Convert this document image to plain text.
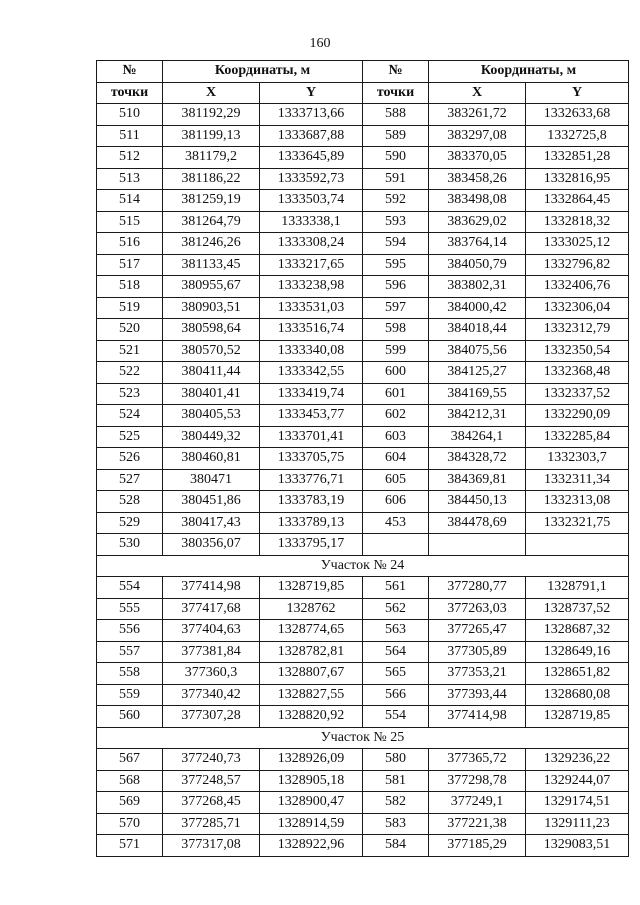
160
№	Координаты, м		№	Координаты, м	
точки	X	Y	точки	X	Y
510	381192,29	1333713,66	588	383261,72	1332633,68
511	381199,13	1333687,88	589	383297,08	1332725,8
512	381179,2	1333645,89	590	383370,05	1332851,28
513	381186,22	1333592,73	591	383458,26	1332816,95
514	381259,19	1333503,74	592	383498,08	1332864,45
515	381264,79	1333338,1	593	383629,02	1332818,32
516	381246,26	1333308,24	594	383764,14	1333025,12
517	381133,45	1333217,65	595	384050,79	1332796,82
518	380955,67	1333238,98	596	383802,31	1332406,76
519	380903,51	1333531,03	597	384000,42	1332306,04
520	380598,64	1333516,74	598	384018,44	1332312,79
521	380570,52	1333340,08	599	384075,56	1332350,54
522	380411,44	1333342,55	600	384125,27	1332368,48
523	380401,41	1333419,74	601	384169,55	1332337,52
524	380405,53	1333453,77	602	384212,31	1332290,09
525	380449,32	1333701,41	603	384264,1	1332285,84
526	380460,81	1333705,75	604	384328,72	1332303,7
527	380471	1333776,71	605	384369,81	1332311,34
528	380451,86	1333783,19	606	384450,13	1332313,08
529	380417,43	1333789,13	453	384478,69	1332321,75
530	380356,07	1333795,17			
Участок № 24					
554	377414,98	1328719,85	561	377280,77	1328791,1
555	377417,68	1328762	562	377263,03	1328737,52
556	377404,63	1328774,65	563	377265,47	1328687,32
557	377381,84	1328782,81	564	377305,89	1328649,16
558	377360,3	1328807,67	565	377353,21	1328651,82
559	377340,42	1328827,55	566	377393,44	1328680,08
560	377307,28	1328820,92	554	377414,98	1328719,85
Участок № 25					
567	377240,73	1328926,09	580	377365,72	1329236,22
568	377248,57	1328905,18	581	377298,78	1329244,07
569	377268,45	1328900,47	582	377249,1	1329174,51
570	377285,71	1328914,59	583	377221,38	1329111,23
571	377317,08	1328922,96	584	377185,29	1329083,51
